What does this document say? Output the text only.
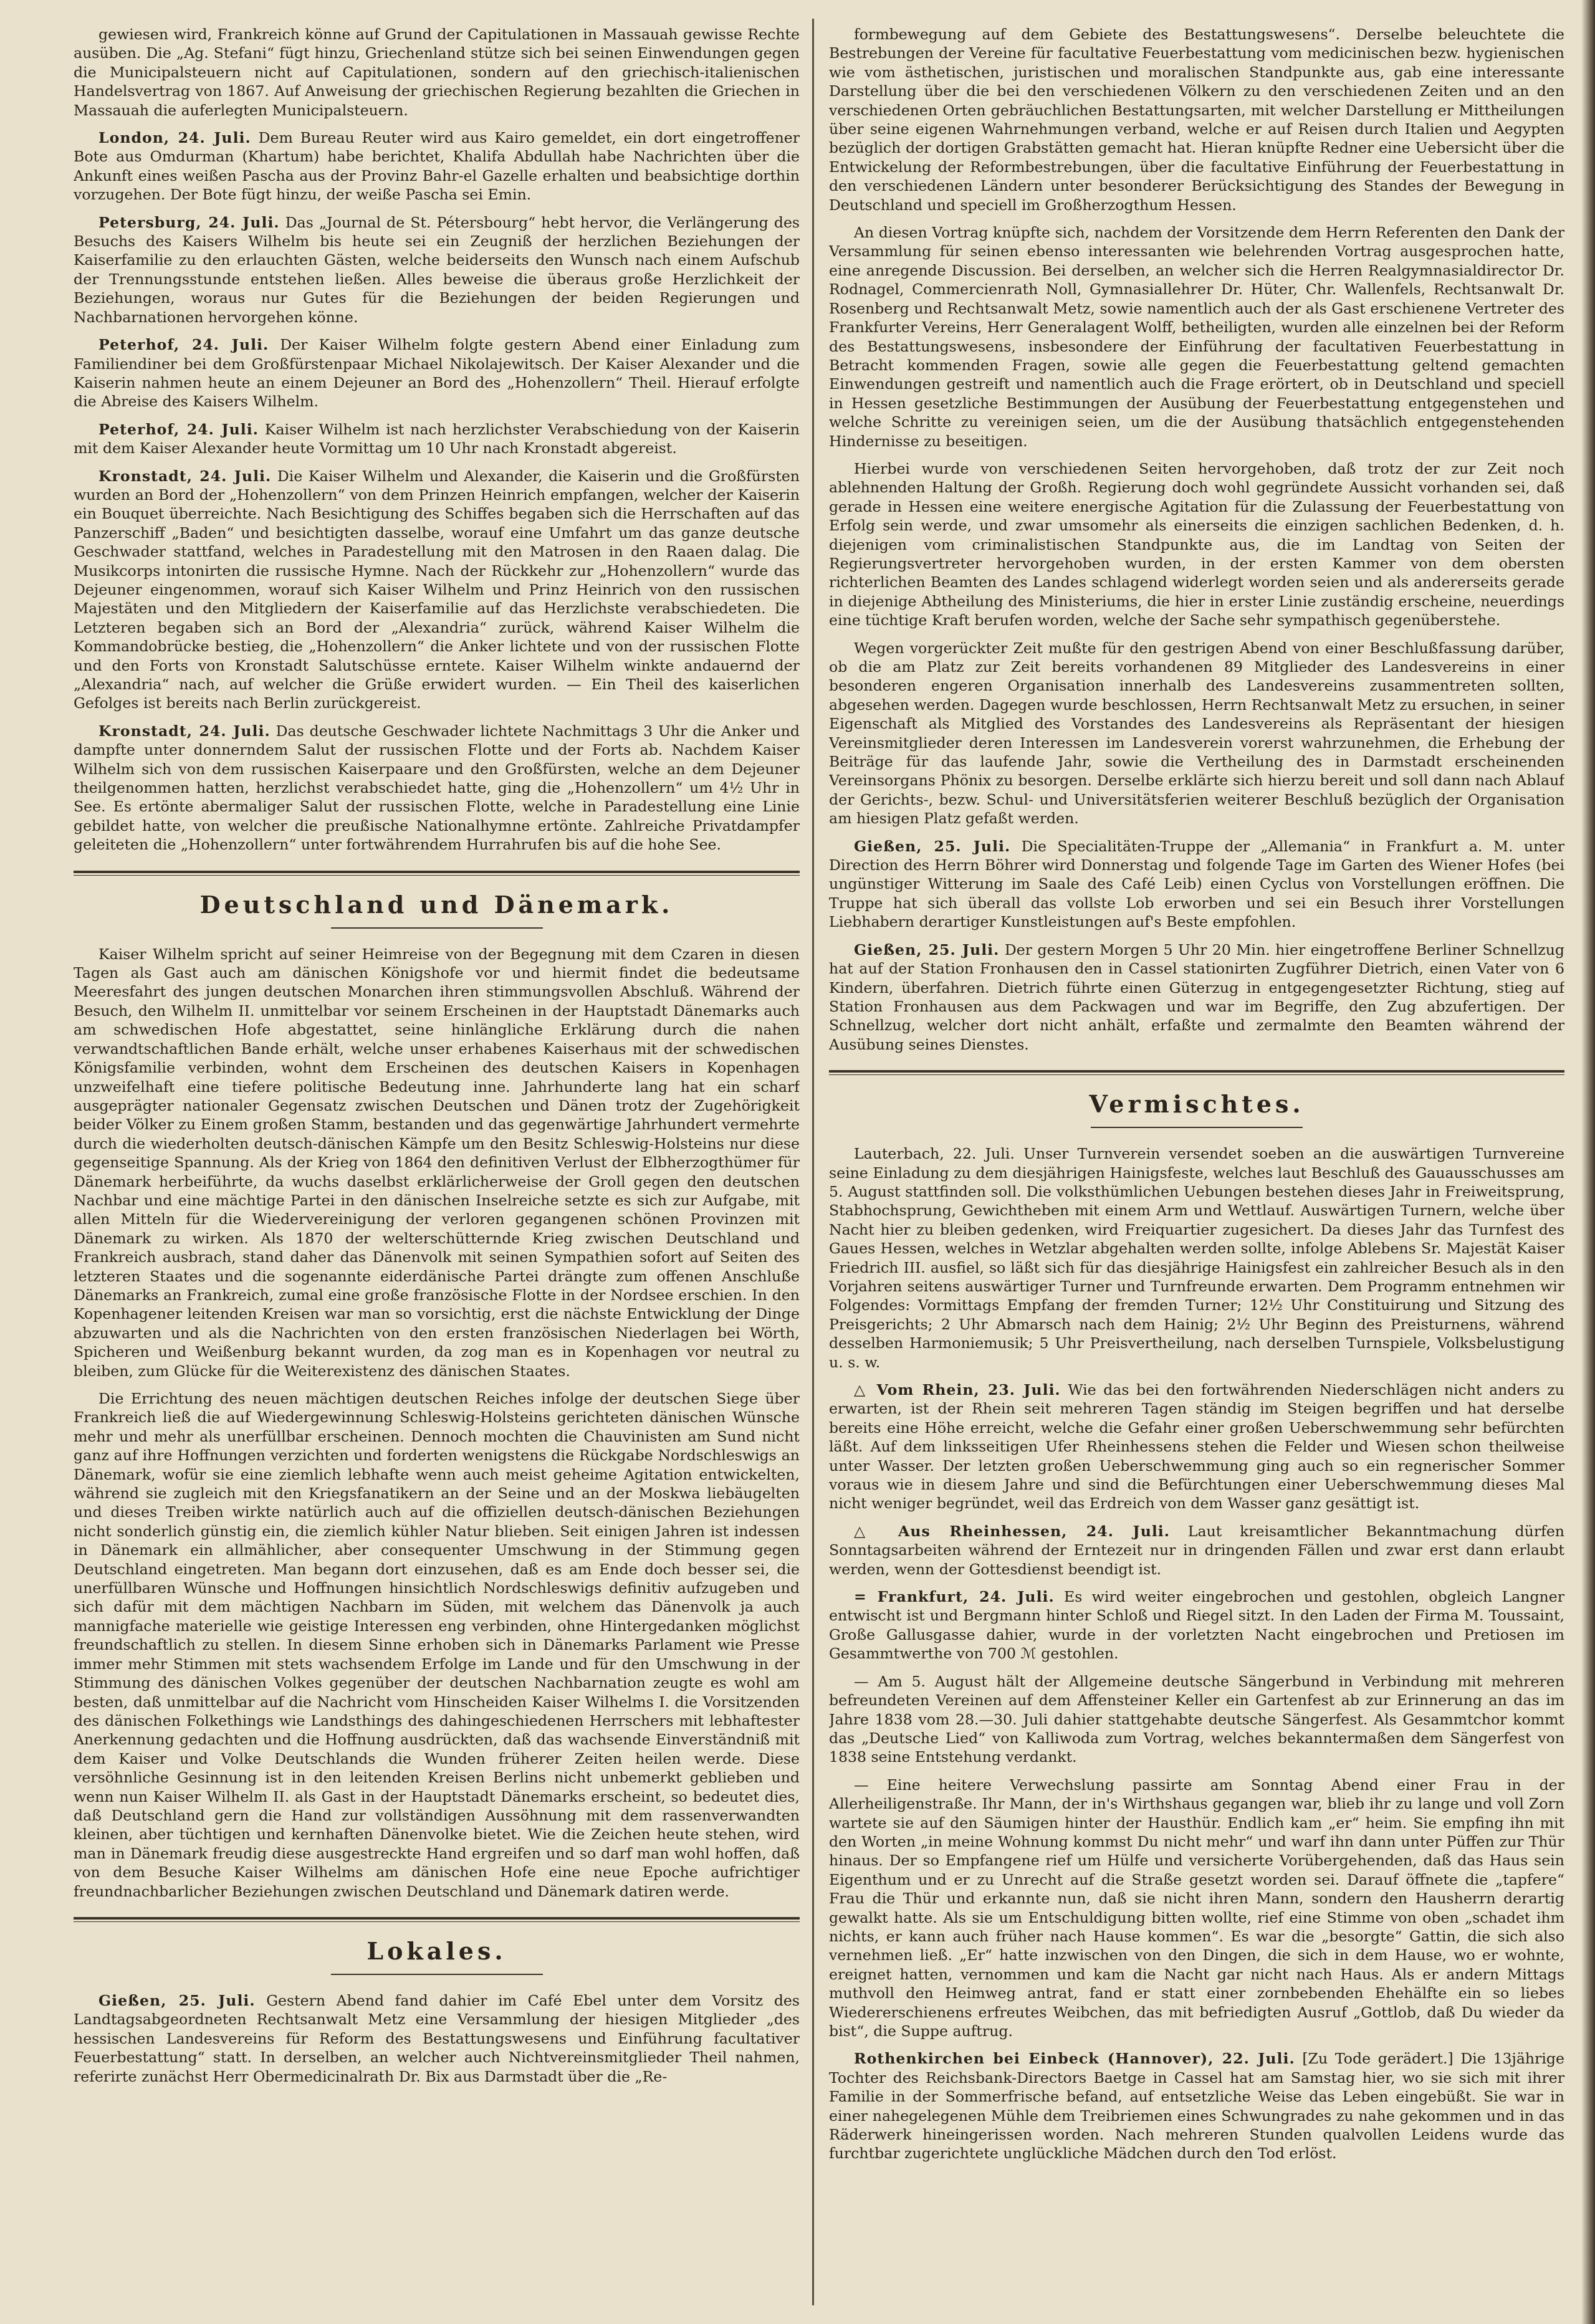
gewiesen wird, Frankreich könne auf Grund der Capitulationen in Massauah gewisse Rechte ausüben. Die „Ag. Stefani“ fügt hinzu, Griechenland stütze sich bei seinen Einwendungen gegen die Municipalsteuern nicht auf Capitulationen, sondern auf den griechisch-italienischen Handelsvertrag von 1867. Auf Anweisung der griechischen Regierung bezahlten die Griechen in Massauah die auferlegten Municipalsteuern.

London, 24. Juli. Dem Bureau Reuter wird aus Kairo gemeldet, ein dort eingetroffener Bote aus Omdurman (Khartum) habe berichtet, Khalifa Abdullah habe Nachrichten über die Ankunft eines weißen Pascha aus der Provinz Bahr-el Gazelle erhalten und beabsichtige dorthin vorzugehen. Der Bote fügt hinzu, der weiße Pascha sei Emin.

Petersburg, 24. Juli. Das „Journal de St. Pétersbourg“ hebt hervor, die Verlängerung des Besuchs des Kaisers Wilhelm bis heute sei ein Zeugniß der herzlichen Beziehungen der Kaiserfamilie zu den erlauchten Gästen, welche beiderseits den Wunsch nach einem Aufschub der Trennungsstunde entstehen ließen. Alles beweise die überaus große Herzlichkeit der Beziehungen, woraus nur Gutes für die Beziehungen der beiden Regierungen und Nachbarnationen hervorgehen könne.

Peterhof, 24. Juli. Der Kaiser Wilhelm folgte gestern Abend einer Einladung zum Familiendiner bei dem Großfürstenpaar Michael Nikolajewitsch. Der Kaiser Alexander und die Kaiserin nahmen heute an einem Dejeuner an Bord des „Hohenzollern“ Theil. Hierauf erfolgte die Abreise des Kaisers Wilhelm.

Peterhof, 24. Juli. Kaiser Wilhelm ist nach herzlichster Verabschiedung von der Kaiserin mit dem Kaiser Alexander heute Vormittag um 10 Uhr nach Kronstadt abgereist.

Kronstadt, 24. Juli. Die Kaiser Wilhelm und Alexander, die Kaiserin und die Großfürsten wurden an Bord der „Hohenzollern“ von dem Prinzen Heinrich empfangen, welcher der Kaiserin ein Bouquet überreichte. Nach Besichtigung des Schiffes begaben sich die Herrschaften auf das Panzerschiff „Baden“ und besichtigten dasselbe, worauf eine Umfahrt um das ganze deutsche Geschwader stattfand, welches in Paradestellung mit den Matrosen in den Raaen dalag. Die Musikcorps intonirten die russische Hymne. Nach der Rückkehr zur „Hohenzollern“ wurde das Dejeuner eingenommen, worauf sich Kaiser Wilhelm und Prinz Heinrich von den russischen Majestäten und den Mitgliedern der Kaiserfamilie auf das Herzlichste verabschiedeten. Die Letzteren begaben sich an Bord der „Alexandria“ zurück, während Kaiser Wilhelm die Kommandobrücke bestieg, die „Hohenzollern“ die Anker lichtete und von der russischen Flotte und den Forts von Kronstadt Salutschüsse erntete. Kaiser Wilhelm winkte andauernd der „Alexandria“ nach, auf welcher die Grüße erwidert wurden. — Ein Theil des kaiserlichen Gefolges ist bereits nach Berlin zurückgereist.

Kronstadt, 24. Juli. Das deutsche Geschwader lichtete Nachmittags 3 Uhr die Anker und dampfte unter donnerndem Salut der russischen Flotte und der Forts ab. Nachdem Kaiser Wilhelm sich von dem russischen Kaiserpaare und den Großfürsten, welche an dem Dejeuner theilgenommen hatten, herzlichst verabschiedet hatte, ging die „Hohenzollern“ um 4½ Uhr in See. Es ertönte abermaliger Salut der russischen Flotte, welche in Paradestellung eine Linie gebildet hatte, von welcher die preußische Nationalhymne ertönte. Zahlreiche Privatdampfer geleiteten die „Hohenzollern“ unter fortwährendem Hurrahrufen bis auf die hohe See.

Deutschland und Dänemark.

Kaiser Wilhelm spricht auf seiner Heimreise von der Begegnung mit dem Czaren in diesen Tagen als Gast auch am dänischen Königshofe vor und hiermit findet die bedeutsame Meeresfahrt des jungen deutschen Monarchen ihren stimmungsvollen Abschluß. Während der Besuch, den Wilhelm II. unmittelbar vor seinem Erscheinen in der Hauptstadt Dänemarks auch am schwedischen Hofe abgestattet, seine hinlängliche Erklärung durch die nahen verwandtschaftlichen Bande erhält, welche unser erhabenes Kaiserhaus mit der schwedischen Königsfamilie verbinden, wohnt dem Erscheinen des deutschen Kaisers in Kopenhagen unzweifelhaft eine tiefere politische Bedeutung inne. Jahrhunderte lang hat ein scharf ausgeprägter nationaler Gegensatz zwischen Deutschen und Dänen trotz der Zugehörigkeit beider Völker zu Einem großen Stamm, bestanden und das gegenwärtige Jahrhundert vermehrte durch die wiederholten deutsch-dänischen Kämpfe um den Besitz Schleswig-Holsteins nur diese gegenseitige Spannung. Als der Krieg von 1864 den definitiven Verlust der Elbherzogthümer für Dänemark herbeiführte, da wuchs daselbst erklärlicherweise der Groll gegen den deutschen Nachbar und eine mächtige Partei in den dänischen Inselreiche setzte es sich zur Aufgabe, mit allen Mitteln für die Wiedervereinigung der verloren gegangenen schönen Provinzen mit Dänemark zu wirken. Als 1870 der welterschütternde Krieg zwischen Deutschland und Frankreich ausbrach, stand daher das Dänenvolk mit seinen Sympathien sofort auf Seiten des letzteren Staates und die sogenannte eiderdänische Partei drängte zum offenen Anschluße Dänemarks an Frankreich, zumal eine große französische Flotte in der Nordsee erschien. In den Kopenhagener leitenden Kreisen war man so vorsichtig, erst die nächste Entwicklung der Dinge abzuwarten und als die Nachrichten von den ersten französischen Niederlagen bei Wörth, Spicheren und Weißenburg bekannt wurden, da zog man es in Kopenhagen vor neutral zu bleiben, zum Glücke für die Weiterexistenz des dänischen Staates.

Die Errichtung des neuen mächtigen deutschen Reiches infolge der deutschen Siege über Frankreich ließ die auf Wiedergewinnung Schleswig-Holsteins gerichteten dänischen Wünsche mehr und mehr als unerfüllbar erscheinen. Dennoch mochten die Chauvinisten am Sund nicht ganz auf ihre Hoffnungen verzichten und forderten wenigstens die Rückgabe Nordschleswigs an Dänemark, wofür sie eine ziemlich lebhafte wenn auch meist geheime Agitation entwickelten, während sie zugleich mit den Kriegsfanatikern an der Seine und an der Moskwa liebäugelten und dieses Treiben wirkte natürlich auch auf die offiziellen deutsch-dänischen Beziehungen nicht sonderlich günstig ein, die ziemlich kühler Natur blieben. Seit einigen Jahren ist indessen in Dänemark ein allmählicher, aber consequenter Umschwung in der Stimmung gegen Deutschland eingetreten. Man begann dort einzusehen, daß es am Ende doch besser sei, die unerfüllbaren Wünsche und Hoffnungen hinsichtlich Nordschleswigs definitiv aufzugeben und sich dafür mit dem mächtigen Nachbarn im Süden, mit welchem das Dänenvolk ja auch mannigfache materielle wie geistige Interessen eng verbinden, ohne Hintergedanken möglichst freundschaftlich zu stellen. In diesem Sinne erhoben sich in Dänemarks Parlament wie Presse immer mehr Stimmen mit stets wachsendem Erfolge im Lande und für den Umschwung in der Stimmung des dänischen Volkes gegenüber der deutschen Nachbarnation zeugte es wohl am besten, daß unmittelbar auf die Nachricht vom Hinscheiden Kaiser Wilhelms I. die Vorsitzenden des dänischen Folkethings wie Landsthings des dahingeschiedenen Herrschers mit lebhaftester Anerkennung gedachten und die Hoffnung ausdrückten, daß das wachsende Einverständniß mit dem Kaiser und Volke Deutschlands die Wunden früherer Zeiten heilen werde. Diese versöhnliche Gesinnung ist in den leitenden Kreisen Berlins nicht unbemerkt geblieben und wenn nun Kaiser Wilhelm II. als Gast in der Hauptstadt Dänemarks erscheint, so bedeutet dies, daß Deutschland gern die Hand zur vollständigen Aussöhnung mit dem rassenverwandten kleinen, aber tüchtigen und kernhaften Dänenvolke bietet. Wie die Zeichen heute stehen, wird man in Dänemark freudig diese ausgestreckte Hand ergreifen und so darf man wohl hoffen, daß von dem Besuche Kaiser Wilhelms am dänischen Hofe eine neue Epoche aufrichtiger freundnachbarlicher Beziehungen zwischen Deutschland und Dänemark datiren werde.

Lokales.

Gießen, 25. Juli. Gestern Abend fand dahier im Café Ebel unter dem Vorsitz des Landtagsabgeordneten Rechtsanwalt Metz eine Versammlung der hiesigen Mitglieder „des hessischen Landesvereins für Reform des Bestattungswesens und Einführung facultativer Feuerbestattung“ statt. In derselben, an welcher auch Nichtvereinsmitglieder Theil nahmen, referirte zunächst Herr Obermedicinalrath Dr. Bix aus Darmstadt über die „Re-

formbewegung auf dem Gebiete des Bestattungswesens“. Derselbe beleuchtete die Bestrebungen der Vereine für facultative Feuerbestattung vom medicinischen bezw. hygienischen wie vom ästhetischen, juristischen und moralischen Standpunkte aus, gab eine interessante Darstellung über die bei den verschiedenen Völkern zu den verschiedenen Zeiten und an den verschiedenen Orten gebräuchlichen Bestattungsarten, mit welcher Darstellung er Mittheilungen über seine eigenen Wahrnehmungen verband, welche er auf Reisen durch Italien und Aegypten bezüglich der dortigen Grabstätten gemacht hat. Hieran knüpfte Redner eine Uebersicht über die Entwickelung der Reformbestrebungen, über die facultative Einführung der Feuerbestattung in den verschiedenen Ländern unter besonderer Berücksichtigung des Standes der Bewegung in Deutschland und speciell im Großherzogthum Hessen.

An diesen Vortrag knüpfte sich, nachdem der Vorsitzende dem Herrn Referenten den Dank der Versammlung für seinen ebenso interessanten wie belehrenden Vortrag ausgesprochen hatte, eine anregende Discussion. Bei derselben, an welcher sich die Herren Realgymnasialdirector Dr. Rodnagel, Commercienrath Noll, Gymnasiallehrer Dr. Hüter, Chr. Wallenfels, Rechtsanwalt Dr. Rosenberg und Rechtsanwalt Metz, sowie namentlich auch der als Gast erschienene Vertreter des Frankfurter Vereins, Herr Generalagent Wolff, betheiligten, wurden alle einzelnen bei der Reform des Bestattungswesens, insbesondere der Einführung der facultativen Feuerbestattung in Betracht kommenden Fragen, sowie alle gegen die Feuerbestattung geltend gemachten Einwendungen gestreift und namentlich auch die Frage erörtert, ob in Deutschland und speciell in Hessen gesetzliche Bestimmungen der Ausübung der Feuerbestattung entgegenstehen und welche Schritte zu vereinigen seien, um die der Ausübung thatsächlich entgegenstehenden Hindernisse zu beseitigen.

Hierbei wurde von verschiedenen Seiten hervorgehoben, daß trotz der zur Zeit noch ablehnenden Haltung der Großh. Regierung doch wohl gegründete Aussicht vorhanden sei, daß gerade in Hessen eine weitere energische Agitation für die Zulassung der Feuerbestattung von Erfolg sein werde, und zwar umsomehr als einerseits die einzigen sachlichen Bedenken, d. h. diejenigen vom criminalistischen Standpunkte aus, die im Landtag von Seiten der Regierungsvertreter hervorgehoben wurden, in der ersten Kammer von dem obersten richterlichen Beamten des Landes schlagend widerlegt worden seien und als andererseits gerade in diejenige Abtheilung des Ministeriums, die hier in erster Linie zuständig erscheine, neuerdings eine tüchtige Kraft berufen worden, welche der Sache sehr sympathisch gegenüberstehe.

Wegen vorgerückter Zeit mußte für den gestrigen Abend von einer Beschlußfassung darüber, ob die am Platz zur Zeit bereits vorhandenen 89 Mitglieder des Landesvereins in einer besonderen engeren Organisation innerhalb des Landesvereins zusammentreten sollten, abgesehen werden. Dagegen wurde beschlossen, Herrn Rechtsanwalt Metz zu ersuchen, in seiner Eigenschaft als Mitglied des Vorstandes des Landesvereins als Repräsentant der hiesigen Vereinsmitglieder deren Interessen im Landesverein vorerst wahrzunehmen, die Erhebung der Beiträge für das laufende Jahr, sowie die Vertheilung des in Darmstadt erscheinenden Vereinsorgans Phönix zu besorgen. Derselbe erklärte sich hierzu bereit und soll dann nach Ablauf der Gerichts-, bezw. Schul- und Universitätsferien weiterer Beschluß bezüglich der Organisation am hiesigen Platz gefaßt werden.

Gießen, 25. Juli. Die Specialitäten-Truppe der „Allemania“ in Frankfurt a. M. unter Direction des Herrn Böhrer wird Donnerstag und folgende Tage im Garten des Wiener Hofes (bei ungünstiger Witterung im Saale des Café Leib) einen Cyclus von Vorstellungen eröffnen. Die Truppe hat sich überall das vollste Lob erworben und sei ein Besuch ihrer Vorstellungen Liebhabern derartiger Kunstleistungen auf's Beste empfohlen.

Gießen, 25. Juli. Der gestern Morgen 5 Uhr 20 Min. hier eingetroffene Berliner Schnellzug hat auf der Station Fronhausen den in Cassel stationirten Zugführer Dietrich, einen Vater von 6 Kindern, überfahren. Dietrich führte einen Güterzug in entgegengesetzter Richtung, stieg auf Station Fronhausen aus dem Packwagen und war im Begriffe, den Zug abzufertigen. Der Schnellzug, welcher dort nicht anhält, erfaßte und zermalmte den Beamten während der Ausübung seines Dienstes.

Vermischtes.

Lauterbach, 22. Juli. Unser Turnverein versendet soeben an die auswärtigen Turnvereine seine Einladung zu dem diesjährigen Hainigsfeste, welches laut Beschluß des Gauausschusses am 5. August stattfinden soll. Die volksthümlichen Uebungen bestehen dieses Jahr in Freiweitsprung, Stabhochsprung, Gewichtheben mit einem Arm und Wettlauf. Auswärtigen Turnern, welche über Nacht hier zu bleiben gedenken, wird Freiquartier zugesichert. Da dieses Jahr das Turnfest des Gaues Hessen, welches in Wetzlar abgehalten werden sollte, infolge Ablebens Sr. Majestät Kaiser Friedrich III. ausfiel, so läßt sich für das diesjährige Hainigsfest ein zahlreicher Besuch als in den Vorjahren seitens auswärtiger Turner und Turnfreunde erwarten. Dem Programm entnehmen wir Folgendes: Vormittags Empfang der fremden Turner; 12½ Uhr Constituirung und Sitzung des Preisgerichts; 2 Uhr Abmarsch nach dem Hainig; 2½ Uhr Beginn des Preisturnens, während desselben Harmoniemusik; 5 Uhr Preisvertheilung, nach derselben Turnspiele, Volksbelustigung u. s. w.

△ Vom Rhein, 23. Juli. Wie das bei den fortwährenden Niederschlägen nicht anders zu erwarten, ist der Rhein seit mehreren Tagen ständig im Steigen begriffen und hat derselbe bereits eine Höhe erreicht, welche die Gefahr einer großen Ueberschwemmung sehr befürchten läßt. Auf dem linksseitigen Ufer Rheinhessens stehen die Felder und Wiesen schon theilweise unter Wasser. Der letzten großen Ueberschwemmung ging auch so ein regnerischer Sommer voraus wie in diesem Jahre und sind die Befürchtungen einer Ueberschwemmung dieses Mal nicht weniger begründet, weil das Erdreich von dem Wasser ganz gesättigt ist.

△ Aus Rheinhessen, 24. Juli. Laut kreisamtlicher Bekanntmachung dürfen Sonntagsarbeiten während der Erntezeit nur in dringenden Fällen und zwar erst dann erlaubt werden, wenn der Gottesdienst beendigt ist.

= Frankfurt, 24. Juli. Es wird weiter eingebrochen und gestohlen, obgleich Langner entwischt ist und Bergmann hinter Schloß und Riegel sitzt. In den Laden der Firma M. Toussaint, Große Gallusgasse dahier, wurde in der vorletzten Nacht eingebrochen und Pretiosen im Gesammtwerthe von 700 ℳ gestohlen.

— Am 5. August hält der Allgemeine deutsche Sängerbund in Verbindung mit mehreren befreundeten Vereinen auf dem Affensteiner Keller ein Gartenfest ab zur Erinnerung an das im Jahre 1838 vom 28.—30. Juli dahier stattgehabte deutsche Sängerfest. Als Gesammtchor kommt das „Deutsche Lied“ von Kalliwoda zum Vortrag, welches bekanntermaßen dem Sängerfest von 1838 seine Entstehung verdankt.

— Eine heitere Verwechslung passirte am Sonntag Abend einer Frau in der Allerheiligenstraße. Ihr Mann, der in's Wirthshaus gegangen war, blieb ihr zu lange und voll Zorn wartete sie auf den Säumigen hinter der Hausthür. Endlich kam „er“ heim. Sie empfing ihn mit den Worten „in meine Wohnung kommst Du nicht mehr“ und warf ihn dann unter Püffen zur Thür hinaus. Der so Empfangene rief um Hülfe und versicherte Vorübergehenden, daß das Haus sein Eigenthum und er zu Unrecht auf die Straße gesetzt worden sei. Darauf öffnete die „tapfere“ Frau die Thür und erkannte nun, daß sie nicht ihren Mann, sondern den Hausherrn derartig gewalkt hatte. Als sie um Entschuldigung bitten wollte, rief eine Stimme von oben „schadet ihm nichts, er kann auch früher nach Hause kommen“. Es war die „besorgte“ Gattin, die sich also vernehmen ließ. „Er“ hatte inzwischen von den Dingen, die sich in dem Hause, wo er wohnte, ereignet hatten, vernommen und kam die Nacht gar nicht nach Haus. Als er andern Mittags muthvoll den Heimweg antrat, fand er statt einer zornbebenden Ehehälfte ein so liebes Wiedererschienens erfreutes Weibchen, das mit befriedigten Ausruf „Gottlob, daß Du wieder da bist“, die Suppe auftrug.

Rothenkirchen bei Einbeck (Hannover), 22. Juli. [Zu Tode gerädert.] Die 13jährige Tochter des Reichsbank-Directors Baetge in Cassel hat am Samstag hier, wo sie sich mit ihrer Familie in der Sommerfrische befand, auf entsetzliche Weise das Leben eingebüßt. Sie war in einer nahegelegenen Mühle dem Treibriemen eines Schwungrades zu nahe gekommen und in das Räderwerk hineingerissen worden. Nach mehreren Stunden qualvollen Leidens wurde das furchtbar zugerichtete unglückliche Mädchen durch den Tod erlöst.
